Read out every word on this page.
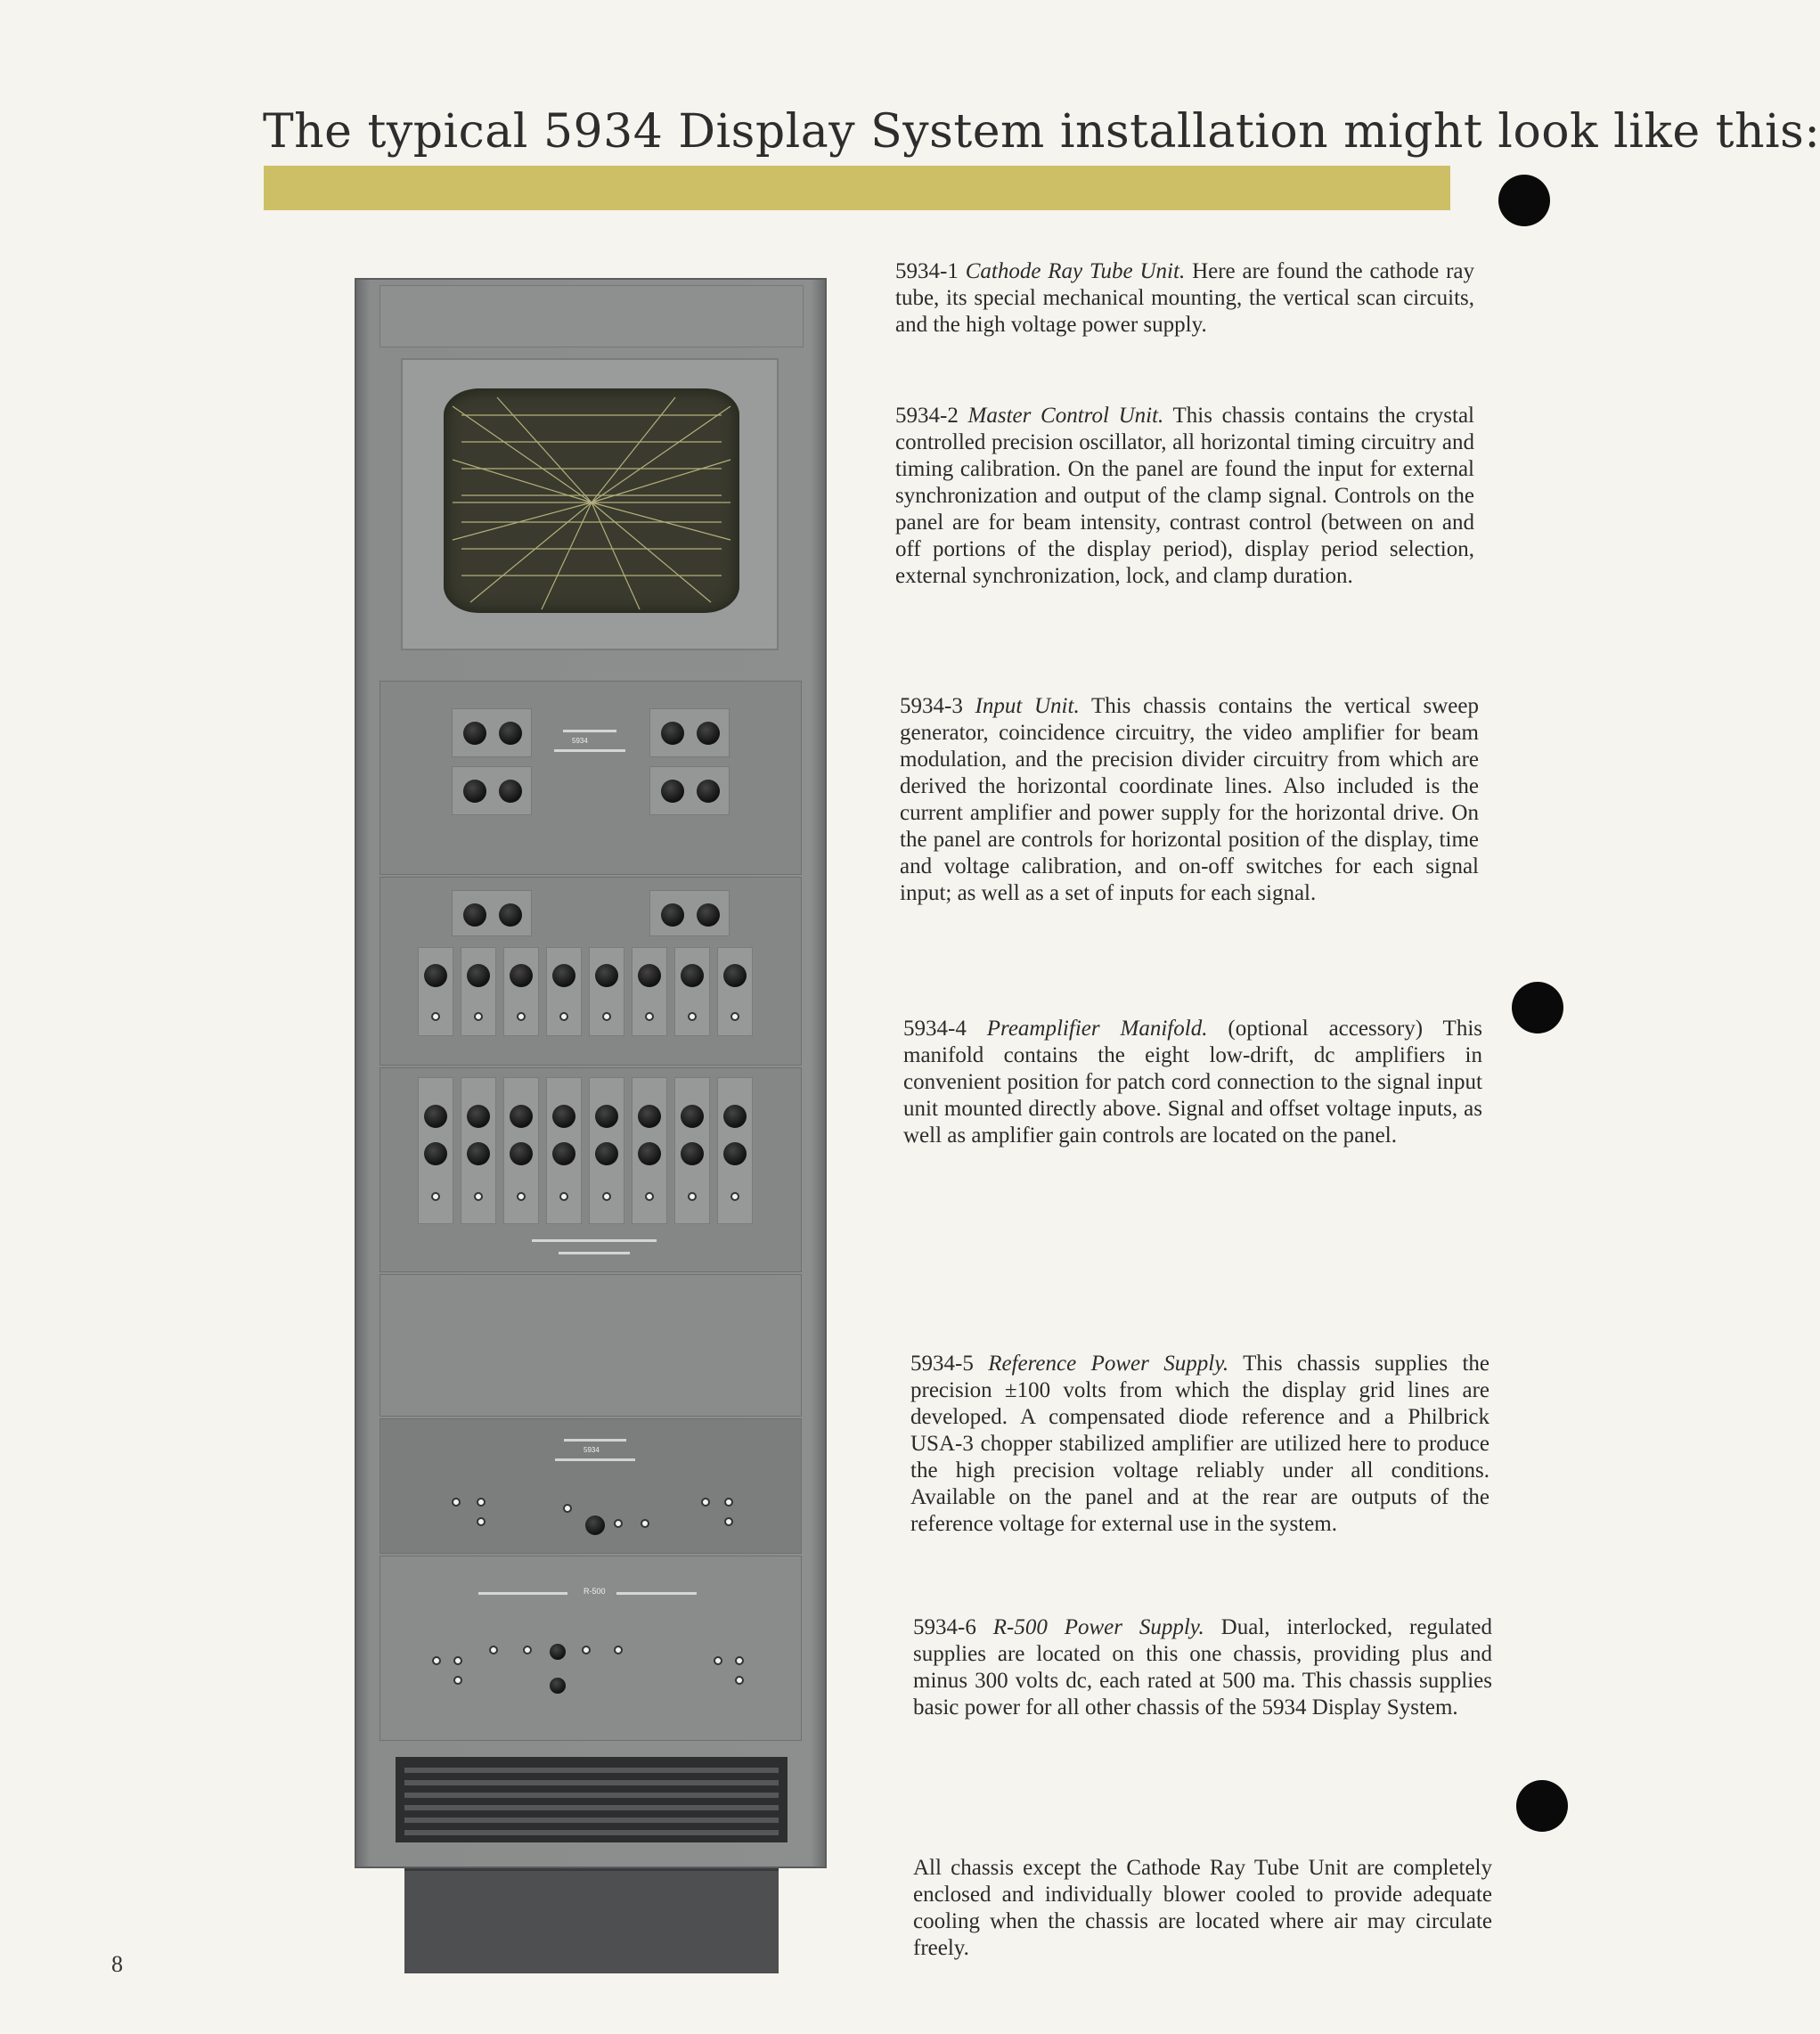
The typical 5934 Display System installation might look like this:
5934
5934
R-500

5934-1 Cathode Ray Tube Unit. Here are found the cathode ray tube, its special mechanical mounting, the vertical scan circuits, and the high voltage power supply.

5934-2 Master Control Unit. This chassis contains the crystal controlled precision oscillator, all horizontal timing circuitry and timing calibration. On the panel are found the input for external synchronization and output of the clamp signal. Controls on the panel are for beam intensity, contrast control (between on and off portions of the display period), display period selection, external synchronization, lock, and clamp duration.

5934-3 Input Unit. This chassis contains the vertical sweep generator, coincidence circuitry, the video amplifier for beam modulation, and the precision divider circuitry from which are derived the horizontal coordinate lines. Also included is the current amplifier and power supply for the horizontal drive. On the panel are controls for horizontal position of the display, time and voltage calibration, and on-off switches for each signal input; as well as a set of inputs for each signal.

5934-4 Preamplifier Manifold. (optional accessory) This manifold contains the eight low-drift, dc amplifiers in convenient position for patch cord connection to the signal input unit mounted directly above. Signal and offset voltage inputs, as well as amplifier gain controls are located on the panel.

5934-5 Reference Power Supply. This chassis supplies the precision ±100 volts from which the display grid lines are developed. A compensated diode reference and a Philbrick USA-3 chopper stabilized amplifier are utilized here to produce the high precision voltage reliably under all conditions. Available on the panel and at the rear are outputs of the reference voltage for external use in the system.

5934-6 R-500 Power Supply. Dual, interlocked, regulated supplies are located on this one chassis, providing plus and minus 300 volts dc, each rated at 500 ma. This chassis supplies basic power for all other chassis of the 5934 Display System.

All chassis except the Cathode Ray Tube Unit are completely enclosed and individually blower cooled to provide adequate cooling when the chassis are located where air may circulate freely.

8
